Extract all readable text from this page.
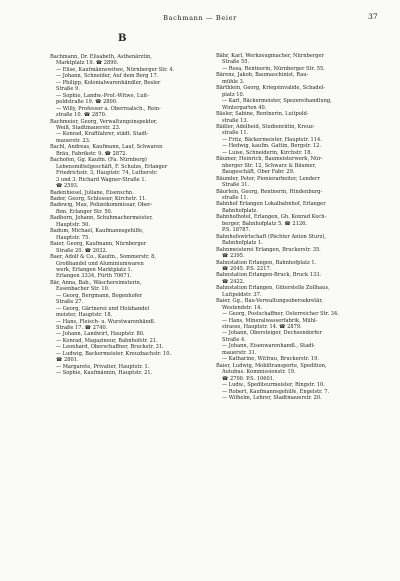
Bachmann — Beier	37
B

Bachmann, Dr. Elisabeth, Ästhenärztin,

Marktplatz 19. ☎ 2890.

— Elise, Kaufmännswitwe, Nürnberger Str. 4.

— Johann, Schneider, Auf dem Berg 17.

— Philipp, Kolonialwarenhändler, Bosler

Straße 9.

— Sophie, Landw.-Prof.-Witwe, Luit-

poldstraße 19. ☎ 2800.

— Willy, Professor a. Oberrealsch., Rein-

straße 10. ☎ 2870.

Bachmeier, Georg, Verwaltungsinspektor,

Weiß, Stadtmauerstr. 23.

— Konrad, Kraftfahrer, städt. Stadt-

mauerstr. 23.

Bachl, Andreas, Kaufmann, Lauf, Schwaren

Bräu, Fabrikstr. 9. ☎ 2872.

Bachofen, Gg. Kaufm. (Fa. Nürnberg)

Lebensmittelgeschäft, F. Schulze, Erlanger

Friedrichstr. 3, Hauptstr. 74, Lutherstr.

3 und 3. Richard Wagner-Straße 1.

☎ 2593.

Badenhiesel, Juliane, Eisenschn.

Bader, Georg, Schlosser, Kirchstr. 11.

Badewig, Max, Polizeikommissar, Ober-

fhm. Erlanger Str. 50.

Badhorn, Johann, Schuhmachermeister,

Hauptstr. 50.

Badum, Michael, Kaufmannsgehilfe,

Hauptstr. 75.

Baier, Georg, Kaufmann, Nürnberger

Straße 20. ☎ 2032.

Baer, Adolf & Co., Kaufm., Sommerstr. 8,

Großhandel und Aluminiumwaren

werk, Erlangen Marktplatz 1.

Erlangen 3334, Fürth 70671.

Bär, Anna, Bab., Wäschereimsterin,

Essenbacher Str. 10.

— Georg, Bergmann, Bogenhofer

Straße 27.

— Georg, Gärtnerei und Holzhandel

meister, Hauptstr. 18.

— Hans, Fleisch- u. Wurstwarenhändl.

Straße 17. ☎ 2740.

— Johann, Landwirt, Hauptstr. 80.

— Konrad, Magazineur, Bahnhofstr. 21.

— Leonhard, Oberschaffner, Bruckstr. 31.

— Ludwig, Backermeister, Kreuzbachstr. 10.

☎ 2801.

— Margarete, Privatier, Hauptstr. 1.

— Sophie, Kaufmännin, Hauptstr. 21.

Bähr, Karl, Werkzeugmacher, Nürnberger

Straße 55.

— Rosa, Rentnerin, Nürnberger Str. 55.

Bärenz, Jakob, Baumaschinist, Rau-

mühle 3.

Bärthlein, Georg, Kriegsinvalide, Schadel-

platz 10.

— Karl, Bäckermeister, Spezereihandlung,

Wintergarten 40.

Bäsler, Sabine, Rentnerin, Luitpold-

straße 13.

Bäßler, Adelheid, Studienrätin, Kreuz-

straße 11.

— Fritz, Bäckermeister, Hauptstr. 114.

— Hedwig, kaufm. Gattin, Bergstr. 12.

— Luise, Schneiderin, Kirchstr. 18.

Bäumer, Heinrich, Baumeisterwerk, Nür-

nberger Str. 12, Schwarz & Bäumer,

Baugeschäft, Ober Fabr. 29.

Bäumler, Peter, Pionierarbeiter, Lenderr

Straße 31.

Bäurlein, Georg, Rentnerin, Hindenburg-

straße 11.

Bahnhof Erlangen Lokalbahnhof, Erlanger

Bahnhofplatz.

Bahnhofhotel, Erlangen, Gh. Konrad Koch-

berger, Bahnhofplatz 5. ☎ 2126.

P.S. 18787.

Bahnhofswirtschaft (Pächter Anton Sturz),

Bahnhofplatz 1.

Bahnmeisterei Erlangen, Bruckerstr. 35.

☎ 2395.

Bahnstation Erlangen, Bahnhofplatz 1.

☎ 2045. P.S. 2217.

Bahnstation Erlangen-Bruck, Bruck 133.

☎ 2422.

Bahnstation Erlangen, Güterstelle Zollhaus,

Luitpoldstr. 37.

Baier, Gg., Bau-Verwaltungsobersekretär,

Westendstr. 14.

— Georg, Postschaffner, Österreicher Str. 34.

— Hans, Mineralwasserfabrik, Mühl-

strasse, Hauptstr. 14. ☎ 2879.

— Johann, Obersteiger, Dechsendorfer

Straße 4.

— Johann, Eisenwarenhandl., Stadt-

mauerstr. 31.

— Katharine, Witfrau, Bruckerstr. 19.

Baier, Ludwig, Mobiltransporte, Spedition,

Autobus. Kommissionstr. 19.

☎ 2700. P.S. 10601.

— Ludw., Spediteurmeister, Ringstr. 10.

— Robert, Kaufmannsgehilfe, Engelstr. 7.

— Wilhelm, Lehrer, Stadtmauerstr. 20.
